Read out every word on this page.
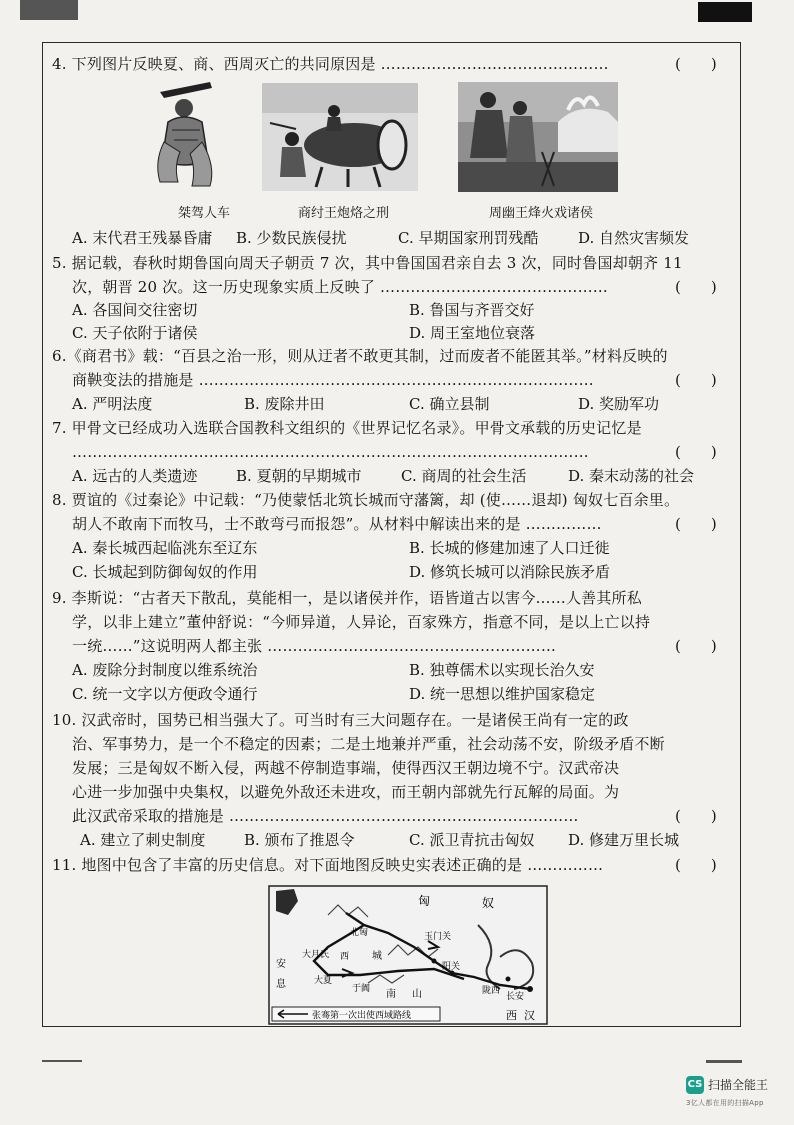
4. 下列图片反映夏、商、西周灭亡的共同原因是 ………………………………………	(　　)
桀驾人车	商纣王炮烙之刑	周幽王烽火戏诸侯
A. 末代君王残暴昏庸 B. 少数民族侵扰	C. 早期国家刑罚残酷	D. 自然灾害频发
5. 据记载，春秋时期鲁国向周天子朝贡 7 次，其中鲁国国君亲自去 3 次，同时鲁国却朝齐 11
次，朝晋 20 次。这一历史现象实质上反映了 ………………………………………	(　　)
A. 各国间交往密切	B. 鲁国与齐晋交好
C. 天子依附于诸侯	D. 周王室地位衰落
6.《商君书》载：“百县之治一形，则从迂者不敢更其制，过而废者不能匿其举。”材料反映的
商鞅变法的措施是 ……………………………………………………………………	(　　)
A. 严明法度	B. 废除井田	C. 确立县制	D. 奖励军功
7. 甲骨文已经成功入选联合国教科文组织的《世界记忆名录》。甲骨文承载的历史记忆是
…………………………………………………………………………………………	(　　)
A. 远古的人类遗迹	B. 夏朝的早期城市	C. 商周的社会生活	D. 秦末动荡的社会
8. 贾谊的《过秦论》中记载：“乃使蒙恬北筑长城而守藩篱，却 (使……退却) 匈奴七百余里。
胡人不敢南下而牧马，士不敢弯弓而报怨”。从材料中解读出来的是 ……………	(　　)
A. 秦长城西起临洮东至辽东	B. 长城的修建加速了人口迁徙
C. 长城起到防御匈奴的作用	D. 修筑长城可以消除民族矛盾
9. 李斯说：“古者天下散乱，莫能相一，是以诸侯并作，语皆道古以害今……人善其所私
学，以非上建立”董仲舒说：“今师异道，人异论，百家殊方，指意不同，是以上亡以持
一统……”这说明两人都主张 …………………………………………………	(　　)
A. 废除分封制度以维系统治	B. 独尊儒术以实现长治久安
C. 统一文字以方便政令通行	D. 统一思想以维护国家稳定
10. 汉武帝时，国势已相当强大了。可当时有三大问题存在。一是诸侯王尚有一定的政
治、军事势力，是一个不稳定的因素；二是土地兼并严重，社会动荡不安，阶级矛盾不断
发展；三是匈奴不断入侵，两越不停制造事端，使得西汉王朝边境不宁。汉武帝决
心进一步加强中央集权，以避免外敌还未进攻，而王朝内部就先行瓦解的局面。为
此汉武帝采取的措施是 ……………………………………………………………	(　　)
A. 建立了刺史制度	B. 颁布了推恩令	C. 派卫青抗击匈奴 D. 修建万里长城
11. 地图中包含了丰富的历史信息。对下面地图反映史实表述正确的是 ……………	(　　)
匈	奴
北匈	玉门关
阳关
大月氏 西 城
安
息	大夏
于阗 南 山	长安
陇西
西 汉
张骞第一次出使西域路线
CS 扫描全能王
3亿人都在用的扫描App
